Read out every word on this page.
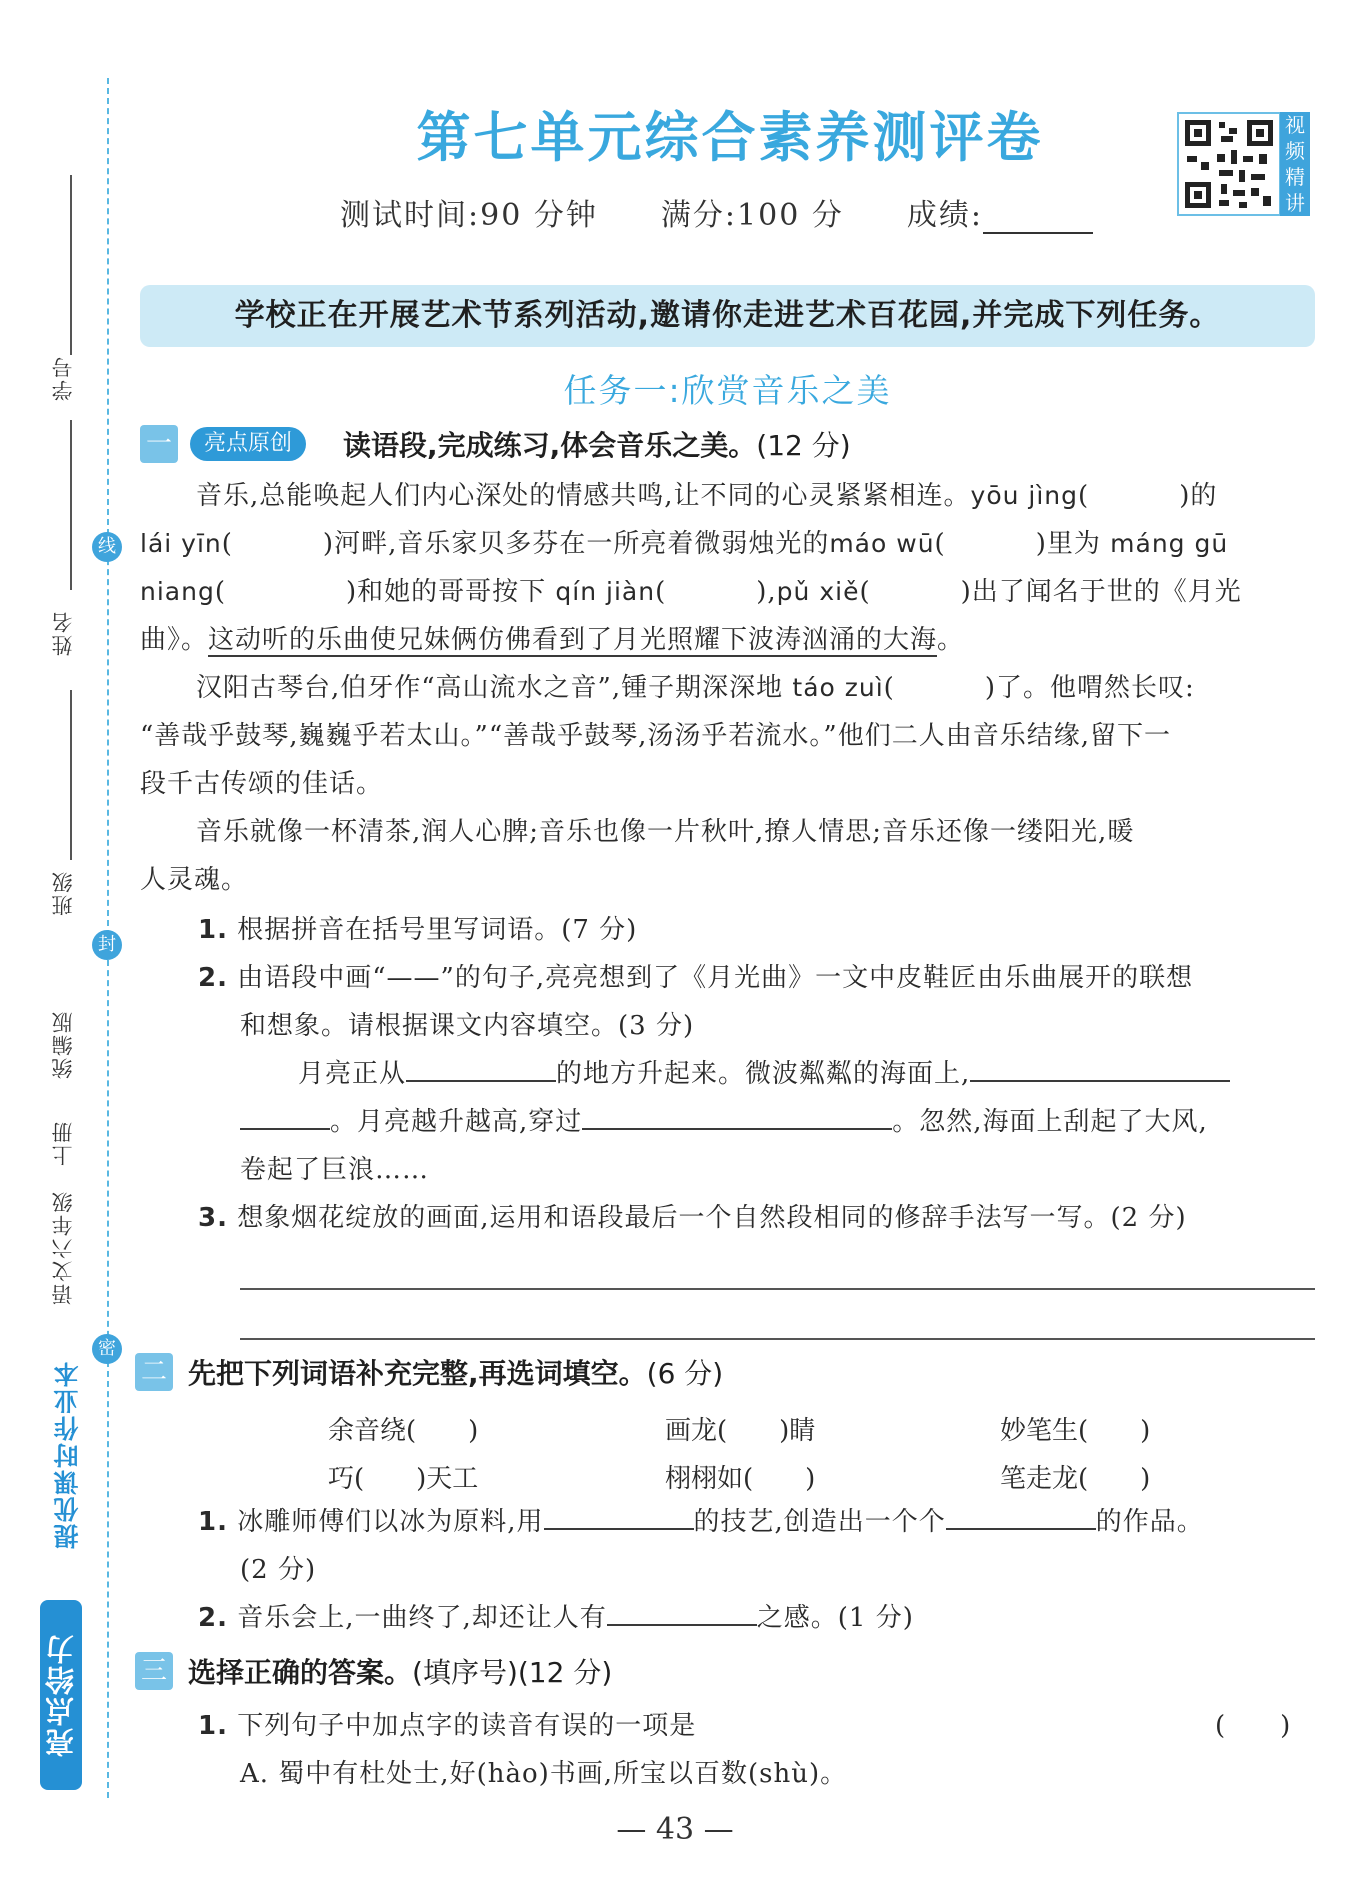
线
封
密
学号
姓名
班级
统编版
上册
语文六年级
提优课时作业本
亮点给力
第七单元综合素养测评卷
测试时间:90 分钟 满分:100 分 成绩:
视频精讲
学校正在开展艺术节系列活动,邀请你走进艺术百花园,并完成下列任务。
任务一:欣赏音乐之美
一	亮点原创	读语段,完成练习,体会音乐之美。(12 分)
音乐,总能唤起人们内心深处的情感共鸣,让不同的心灵紧紧相连。yōu jìng(	)的
lái yīn(	)河畔,音乐家贝多芬在一所亮着微弱烛光的máo wū(	)里为 máng gū
niang(	)和她的哥哥按下 qín jiàn(	),pǔ xiě(	)出了闻名于世的《月光
曲》。这动听的乐曲使兄妹俩仿佛看到了月光照耀下波涛汹涌的大海。
汉阳古琴台,伯牙作“高山流水之音”,锺子期深深地 táo zuì(	)了。他喟然长叹:
“善哉乎鼓琴,巍巍乎若太山。”“善哉乎鼓琴,汤汤乎若流水。”他们二人由音乐结缘,留下一
段千古传颂的佳话。
音乐就像一杯清茶,润人心脾;音乐也像一片秋叶,撩人情思;音乐还像一缕阳光,暖
人灵魂。
1. 根据拼音在括号里写词语。(7 分)
2. 由语段中画“——”的句子,亮亮想到了《月光曲》一文中皮鞋匠由乐曲展开的联想
和想象。请根据课文内容填空。(3 分)
月亮正从	的地方升起来。微波粼粼的海面上,
。月亮越升越高,穿过	。忽然,海面上刮起了大风,
卷起了巨浪……
3. 想象烟花绽放的画面,运用和语段最后一个自然段相同的修辞手法写一写。(2 分)
二 先把下列词语补充完整,再选词填空。(6 分)
余音绕(　　)	画龙(　　)睛	妙笔生(　　)
巧(　　)天工	栩栩如(　　)	笔走龙(　　)
1. 冰雕师傅们以冰为原料,用	的技艺,创造出一个个	的作品。
(2 分)
2. 音乐会上,一曲终了,却还让人有	之感。(1 分)
三 选择正确的答案。(填序号)(12 分)
1. 下列句子中加点字的读音有误的一项是	(　　)
A. 蜀中有杜处士,好(hào)书画,所宝以百数(shù)。
— 43 —
